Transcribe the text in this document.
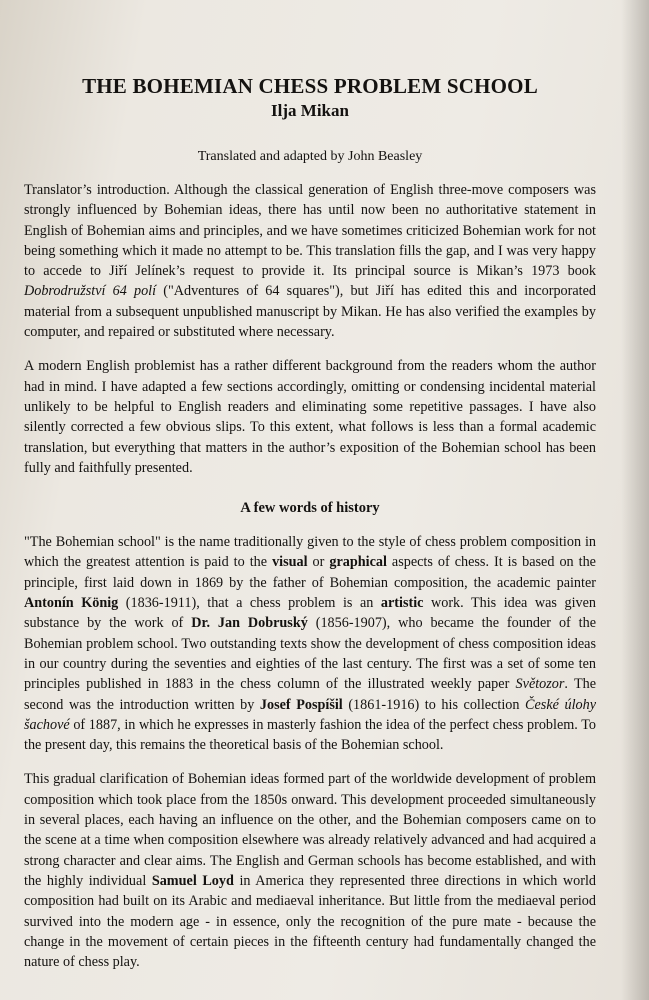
THE BOHEMIAN CHESS PROBLEM SCHOOL
Ilja Mikan
Translated and adapted by John Beasley

Translator’s introduction. Although the classical generation of English three-move composers was strongly influenced by Bohemian ideas, there has until now been no authoritative statement in English of Bohemian aims and principles, and we have sometimes criticized Bohemian work for not being something which it made no attempt to be. This translation fills the gap, and I was very happy to accede to Jiří Jelínek’s request to provide it. Its principal source is Mikan’s 1973 book Dobrodružství 64 polí ("Adventures of 64 squares"), but Jiří has edited this and incorporated material from a subsequent unpublished manuscript by Mikan. He has also verified the examples by computer, and repaired or substituted where necessary.

A modern English problemist has a rather different background from the readers whom the author had in mind. I have adapted a few sections accordingly, omitting or condensing incidental material unlikely to be helpful to English readers and eliminating some repetitive passages. I have also silently corrected a few obvious slips. To this extent, what follows is less than a formal academic translation, but everything that matters in the author’s exposition of the Bohemian school has been fully and faithfully presented.

A few words of history

"The Bohemian school" is the name traditionally given to the style of chess problem composition in which the greatest attention is paid to the visual or graphical aspects of chess. It is based on the principle, first laid down in 1869 by the father of Bohemian composition, the academic painter Antonín König (1836-1911), that a chess problem is an artistic work. This idea was given substance by the work of Dr. Jan Dobruský (1856-1907), who became the founder of the Bohemian problem school. Two outstanding texts show the development of chess composition ideas in our country during the seventies and eighties of the last century. The first was a set of some ten principles published in 1883 in the chess column of the illustrated weekly paper Světozor. The second was the introduction written by Josef Pospíšil (1861-1916) to his collection České úlohy šachové of 1887, in which he expresses in masterly fashion the idea of the perfect chess problem. To the present day, this remains the theoretical basis of the Bohemian school.

This gradual clarification of Bohemian ideas formed part of the worldwide development of problem composition which took place from the 1850s onward. This development proceeded simultaneously in several places, each having an influence on the other, and the Bohemian composers came on to the scene at a time when composition elsewhere was already relatively advanced and had acquired a strong character and clear aims. The English and German schools has become established, and with the highly individual Samuel Loyd in America they represented three directions in which world composition had built on its Arabic and mediaeval inheritance. But little from the mediaeval period survived into the modern age - in essence, only the recognition of the pure mate - because the change in the movement of certain pieces in the fifteenth century had fundamentally changed the nature of chess play.
